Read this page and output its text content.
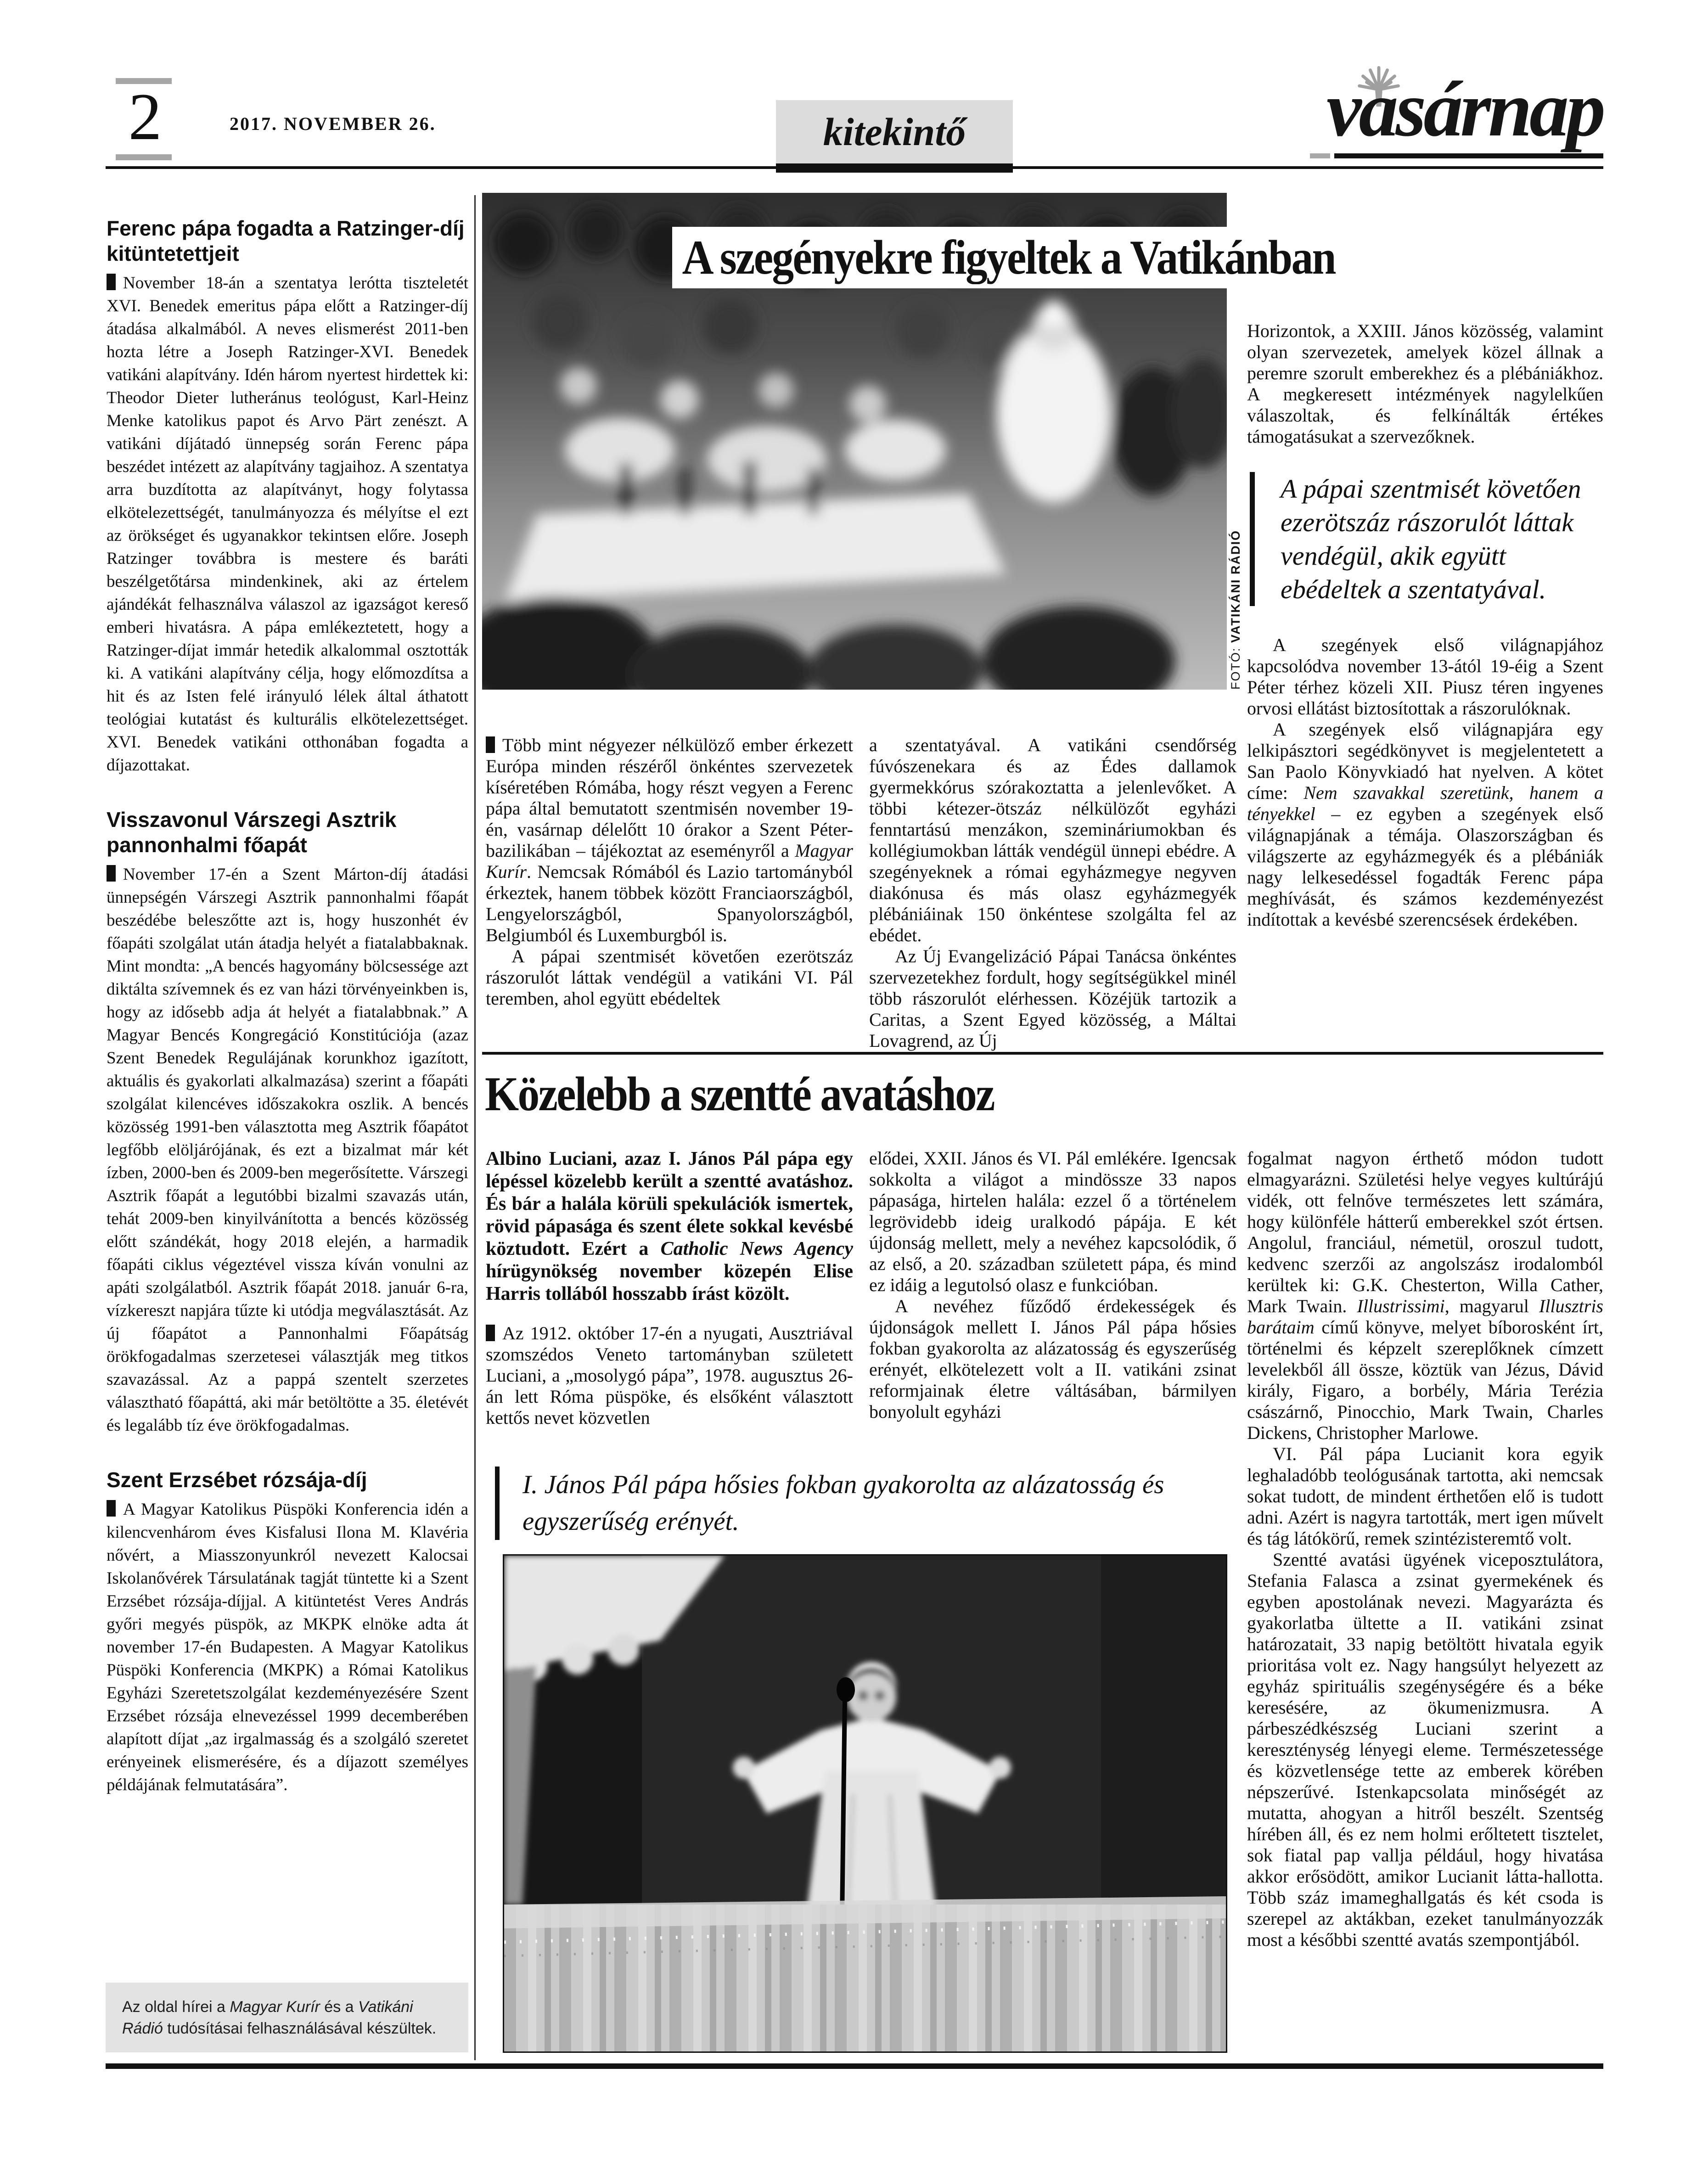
2	2017. NOVEMBER 26.	kitekintő	vasárnap
Ferenc pápa fogadta a Ratzinger-díj kitüntetettjeit

November 18-án a szentatya lerótta tiszteletét XVI. Benedek emeritus pápa előtt a Ratzinger-díj átadása alkalmából. A neves elismerést 2011-ben hozta létre a Joseph Ratzinger-XVI. Benedek vatikáni alapítvány. Idén három nyertest hirdettek ki: Theodor Dieter lutheránus teológust, Karl-Heinz Menke katolikus papot és Arvo Pärt zenészt. A vatikáni díjátadó ünnepség során Ferenc pápa beszédet intézett az alapítvány tagjaihoz. A szentatya arra buzdította az alapítványt, hogy folytassa elkötelezettségét, tanulmányozza és mélyítse el ezt az örökséget és ugyanakkor tekintsen előre. Joseph Ratzinger továbbra is mestere és baráti beszélgetőtársa mindenkinek, aki az értelem ajándékát felhasználva válaszol az igazságot kereső emberi hivatásra. A pápa emlékeztetett, hogy a Ratzinger-díjat immár hetedik alkalommal osztották ki. A vatikáni alapítvány célja, hogy előmozdítsa a hit és az Isten felé irányuló lélek által áthatott teológiai kutatást és kulturális elkötelezettséget. XVI. Benedek vatikáni otthonában fogadta a díjazottakat.

Visszavonul Várszegi Asztrik pannonhalmi főapát

November 17-én a Szent Márton-díj átadási ünnepségén Várszegi Asztrik pannonhalmi főapát beszédébe beleszőtte azt is, hogy huszonhét év főapáti szolgálat után átadja helyét a fiatalabbaknak. Mint mondta: „A bencés hagyomány bölcsessége azt diktálta szívemnek és ez van házi törvényeinkben is, hogy az idősebb adja át helyét a fiatalabbnak.” A Magyar Bencés Kongregáció Konstitúciója (azaz Szent Benedek Regulájának korunkhoz igazított, aktuális és gyakorlati alkalmazása) szerint a főapáti szolgálat kilencéves időszakokra oszlik. A bencés közösség 1991-ben választotta meg Asztrik főapátot legfőbb elöljárójának, és ezt a bizalmat már két ízben, 2000-ben és 2009-ben megerősítette. Várszegi Asztrik főapát a legutóbbi bizalmi szavazás után, tehát 2009-ben kinyilvánította a bencés közösség előtt szándékát, hogy 2018 elején, a harmadik főapáti ciklus végeztével vissza kíván vonulni az apáti szolgálatból. Asztrik főapát 2018. január 6-ra, vízkereszt napjára tűzte ki utódja megválasztását. Az új főapátot a Pannonhalmi Főapátság örökfogadalmas szerzetesei választják meg titkos szavazással. Az a pappá szentelt szerzetes választható főapáttá, aki már betöltötte a 35. életévét és legalább tíz éve örökfogadalmas.

Szent Erzsébet rózsája-díj

A Magyar Katolikus Püspöki Konferencia idén a kilencvenhárom éves Kisfalusi Ilona M. Klavéria nővért, a Miasszonyunkról nevezett Kalocsai Iskolanővérek Társulatának tagját tüntette ki a Szent Erzsébet rózsája-díjjal. A kitüntetést Veres András győri megyés püspök, az MKPK elnöke adta át november 17-én Budapesten. A Magyar Katolikus Püspöki Konferencia (MKPK) a Római Katolikus Egyházi Szeretetszolgálat kezdeményezésére Szent Erzsébet rózsája elnevezéssel 1999 decemberében alapított díjat „az irgalmasság és a szolgáló szeretet erényeinek elismerésére, és a díjazott személyes példájának felmutatására”.

Az oldal hírei a Magyar Kurír és a Vatikáni Rádió tudósításai felhasználásával készültek.
FOTÓ: VATIKÁNI RÁDIÓ
A szegényekre figyeltek a Vatikánban

Több mint négyezer nélkülöző ember érkezett Európa minden részéről önkéntes szervezetek kíséretében Rómába, hogy részt vegyen a Ferenc pápa által bemutatott szentmisén november 19-én, vasárnap délelőtt 10 órakor a Szent Péter-bazilikában – tájékoztat az eseményről a Magyar Kurír. Nemcsak Rómából és Lazio tartományból érkeztek, hanem többek között Franciaországból, Lengyelországból, Spanyolországból, Belgiumból és Luxemburgból is.

A pápai szentmisét követően ezerötszáz rászorulót láttak vendégül a vatikáni VI. Pál teremben, ahol együtt ebédeltek

a szentatyával. A vatikáni csendőrség fúvószenekara és az Édes dallamok gyermekkórus szórakoztatta a jelenlevőket. A többi kétezer-ötszáz nélkülözőt egyházi fenntartású menzákon, szemináriumokban és kollégiumokban látták vendégül ünnepi ebédre. A szegényeknek a római egyházmegye negyven diakónusa és más olasz egyházmegyék plébániáinak 150 önkéntese szolgálta fel az ebédet.

Az Új Evangelizáció Pápai Tanácsa önkéntes szervezetekhez fordult, hogy segítségükkel minél több rászorulót elérhessen. Közéjük tartozik a Caritas, a Szent Egyed közösség, a Máltai Lovagrend, az Új

Horizontok, a XXIII. János közösség, valamint olyan szervezetek, amelyek közel állnak a peremre szorult emberekhez és a plébániákhoz. A megkeresett intézmények nagylelkűen válaszoltak, és felkínálták értékes támogatásukat a szervezőknek.

A pápai szentmisét követően ezerötszáz rászorulót láttak vendégül, akik együtt ebédeltek a szentatyával.

A szegények első világnapjához kapcsolódva november 13-ától 19-éig a Szent Péter térhez közeli XII. Piusz téren ingyenes orvosi ellátást biztosítottak a rászorulóknak.

A szegények első világnapjára egy lelkipásztori segédkönyvet is megjelentetett a San Paolo Könyvkiadó hat nyelven. A kötet címe: Nem szavakkal szeretünk, hanem a tényekkel – ez egyben a szegények első világnapjának a témája. Olaszországban és világszerte az egyházmegyék és a plébániák nagy lelkesedéssel fogadták Ferenc pápa meghívását, és számos kezdeményezést indítottak a kevésbé szerencsések érdekében.

Közelebb a szentté avatáshoz

Albino Luciani, azaz I. János Pál pápa egy lépéssel közelebb került a szentté avatáshoz. És bár a halála körüli spekulációk ismertek, rövid pápasága és szent élete sokkal kevésbé köztudott. Ezért a Catholic News Agency hírügynökség november közepén Elise Harris tollából hosszabb írást közölt.

Az 1912. október 17-én a nyugati, Ausztriával szomszédos Veneto tartományban született Luciani, a „mosolygó pápa”, 1978. augusztus 26-án lett Róma püspöke, és elsőként választott kettős nevet közvetlen

elődei, XXII. János és VI. Pál emlékére. Igencsak sokkolta a világot a mindössze 33 napos pápasága, hirtelen halála: ezzel ő a történelem legrövidebb ideig uralkodó pápája. E két újdonság mellett, mely a nevéhez kapcsolódik, ő az első, a 20. században született pápa, és mind ez idáig a legutolsó olasz e funkcióban.

A nevéhez fűződő érdekességek és újdonságok mellett I. János Pál pápa hősies fokban gyakorolta az alázatosság és egyszerűség erényét, elkötelezett volt a II. vatikáni zsinat reformjainak életre váltásában, bármilyen bonyolult egyházi

fogalmat nagyon érthető módon tudott elmagyarázni. Születési helye vegyes kultúrájú vidék, ott felnőve természetes lett számára, hogy különféle hátterű emberekkel szót értsen. Angolul, franciául, németül, oroszul tudott, kedvenc szerzői az angolszász irodalomból kerültek ki: G.K. Chesterton, Willa Cather, Mark Twain. Illustrissimi, magyarul Illusztris barátaim című könyve, melyet bíborosként írt, történelmi és képzelt szereplőknek címzett levelekből áll össze, köztük van Jézus, Dávid király, Figaro, a borbély, Mária Terézia császárnő, Pinocchio, Mark Twain, Charles Dickens, Christopher Marlowe.

VI. Pál pápa Lucianit kora egyik leghaladóbb teológusának tartotta, aki nemcsak sokat tudott, de mindent érthetően elő is tudott adni. Azért is nagyra tartották, mert igen művelt és tág látókörű, remek szintézisteremtő volt.

Szentté avatási ügyének viceposztulátora, Stefania Falasca a zsinat gyermekének és egyben apostolának nevezi. Magyarázta és gyakorlatba ültette a II. vatikáni zsinat határozatait, 33 napig betöltött hivatala egyik prioritása volt ez. Nagy hangsúlyt helyezett az egyház spirituális szegénységére és a béke keresésére, az ökumenizmusra. A párbeszédkészség Luciani szerint a kereszténység lényegi eleme. Természetessége és közvetlensége tette az emberek körében népszerűvé. Istenkapcsolata minőségét az mutatta, ahogyan a hitről beszélt. Szentség hírében áll, és ez nem holmi erőltetett tisztelet, sok fiatal pap vallja például, hogy hivatása akkor erősödött, amikor Lucianit látta-hallotta. Több száz imameghallgatás és két csoda is szerepel az aktákban, ezeket tanulmányozzák most a későbbi szentté avatás szempontjából.

I. János Pál pápa hősies fokban gyakorolta az alázatosság és egyszerűség erényét.
